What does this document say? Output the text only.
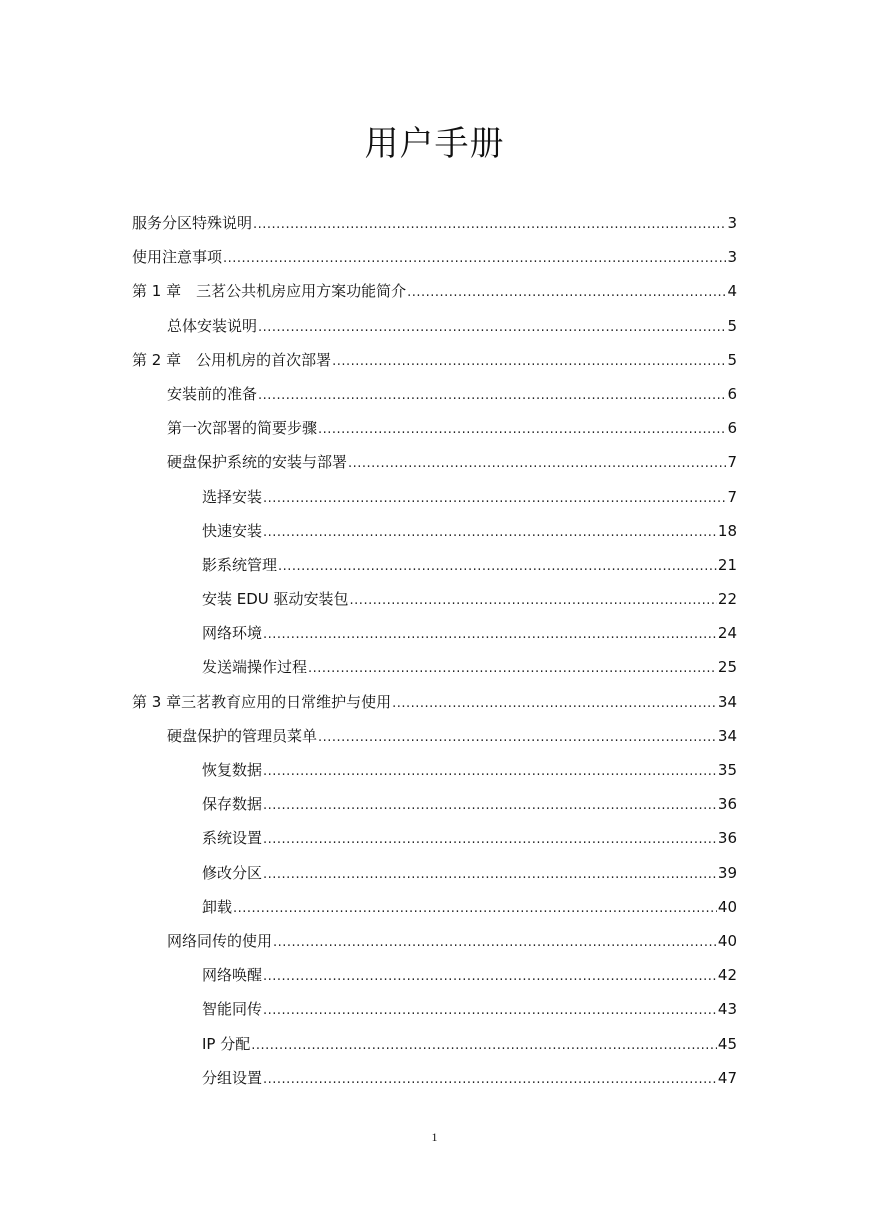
用户手册
服务分区特殊说明 .....	3
使用注意事项 .....	3
第 1 章　三茗公共机房应用方案功能简介 .....	4
总体安装说明 .....	5
第 2 章　公用机房的首次部署 .....	5
安装前的准备 .....	6
第一次部署的简要步骤 .....	6
硬盘保护系统的安装与部署 .....	7
选择安装 .....	7
快速安装 .....	18
影系统管理 .....	21
安装 EDU 驱动安装包 .....	22
网络环境 .....	24
发送端操作过程 .....	25
第 3 章三茗教育应用的日常维护与使用 .....	34
硬盘保护的管理员菜单 .....	34
恢复数据 .....	35
保存数据 .....	36
系统设置 .....	36
修改分区 .....	39
卸载 .....	40
网络同传的使用 .....	40
网络唤醒 .....	42
智能同传 .....	43
IP 分配 .....	45
分组设置 .....	47
1
